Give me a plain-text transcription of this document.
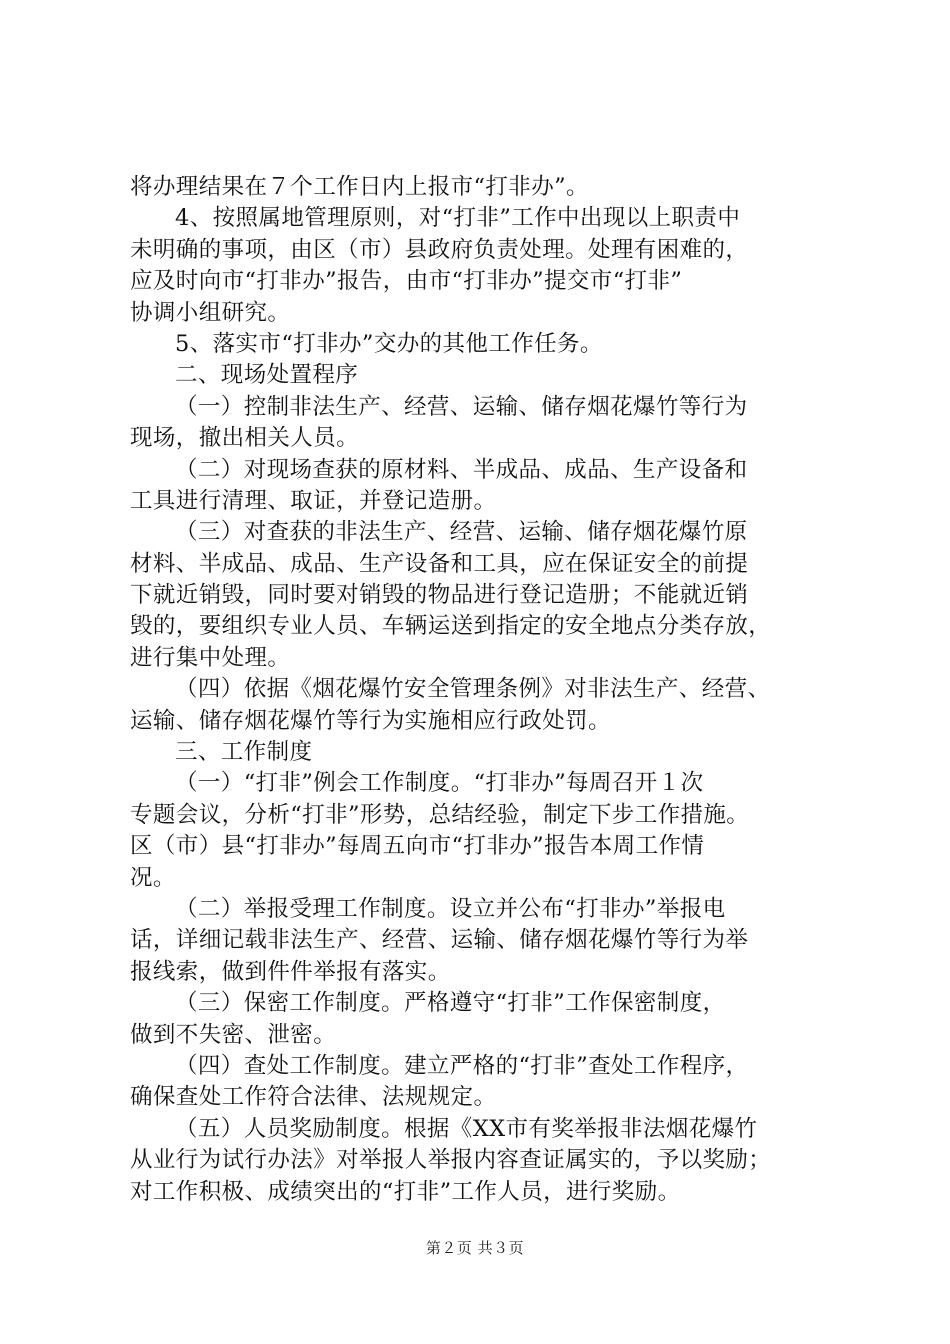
将办理结果在７个工作日内上报市“打非办”。
4、按照属地管理原则，对“打非”工作中出现以上职责中
未明确的事项，由区（市）县政府负责处理。处理有困难的，
应及时向市“打非办”报告，由市“打非办”提交市“打非”
协调小组研究。
5、落实市“打非办”交办的其他工作任务。
二、现场处置程序
（一）控制非法生产、经营、运输、储存烟花爆竹等行为
现场，撤出相关人员。
（二）对现场查获的原材料、半成品、成品、生产设备和
工具进行清理、取证，并登记造册。
（三）对查获的非法生产、经营、运输、储存烟花爆竹原
材料、半成品、成品、生产设备和工具，应在保证安全的前提
下就近销毁，同时要对销毁的物品进行登记造册；不能就近销
毁的，要组织专业人员、车辆运送到指定的安全地点分类存放，
进行集中处理。
（四）依据《烟花爆竹安全管理条例》对非法生产、经营、
运输、储存烟花爆竹等行为实施相应行政处罚。
三、工作制度
（一）“打非”例会工作制度。“打非办”每周召开１次
专题会议，分析“打非”形势，总结经验，制定下步工作措施。
区（市）县“打非办”每周五向市“打非办”报告本周工作情
况。
（二）举报受理工作制度。设立并公布“打非办”举报电
话，详细记载非法生产、经营、运输、储存烟花爆竹等行为举
报线索，做到件件举报有落实。
（三）保密工作制度。严格遵守“打非”工作保密制度，
做到不失密、泄密。
（四）查处工作制度。建立严格的“打非”查处工作程序，
确保查处工作符合法律、法规规定。
（五）人员奖励制度。根据《XX市有奖举报非法烟花爆竹
从业行为试行办法》对举报人举报内容查证属实的，予以奖励；
对工作积极、成绩突出的“打非”工作人员，进行奖励。
第２页 共３页
